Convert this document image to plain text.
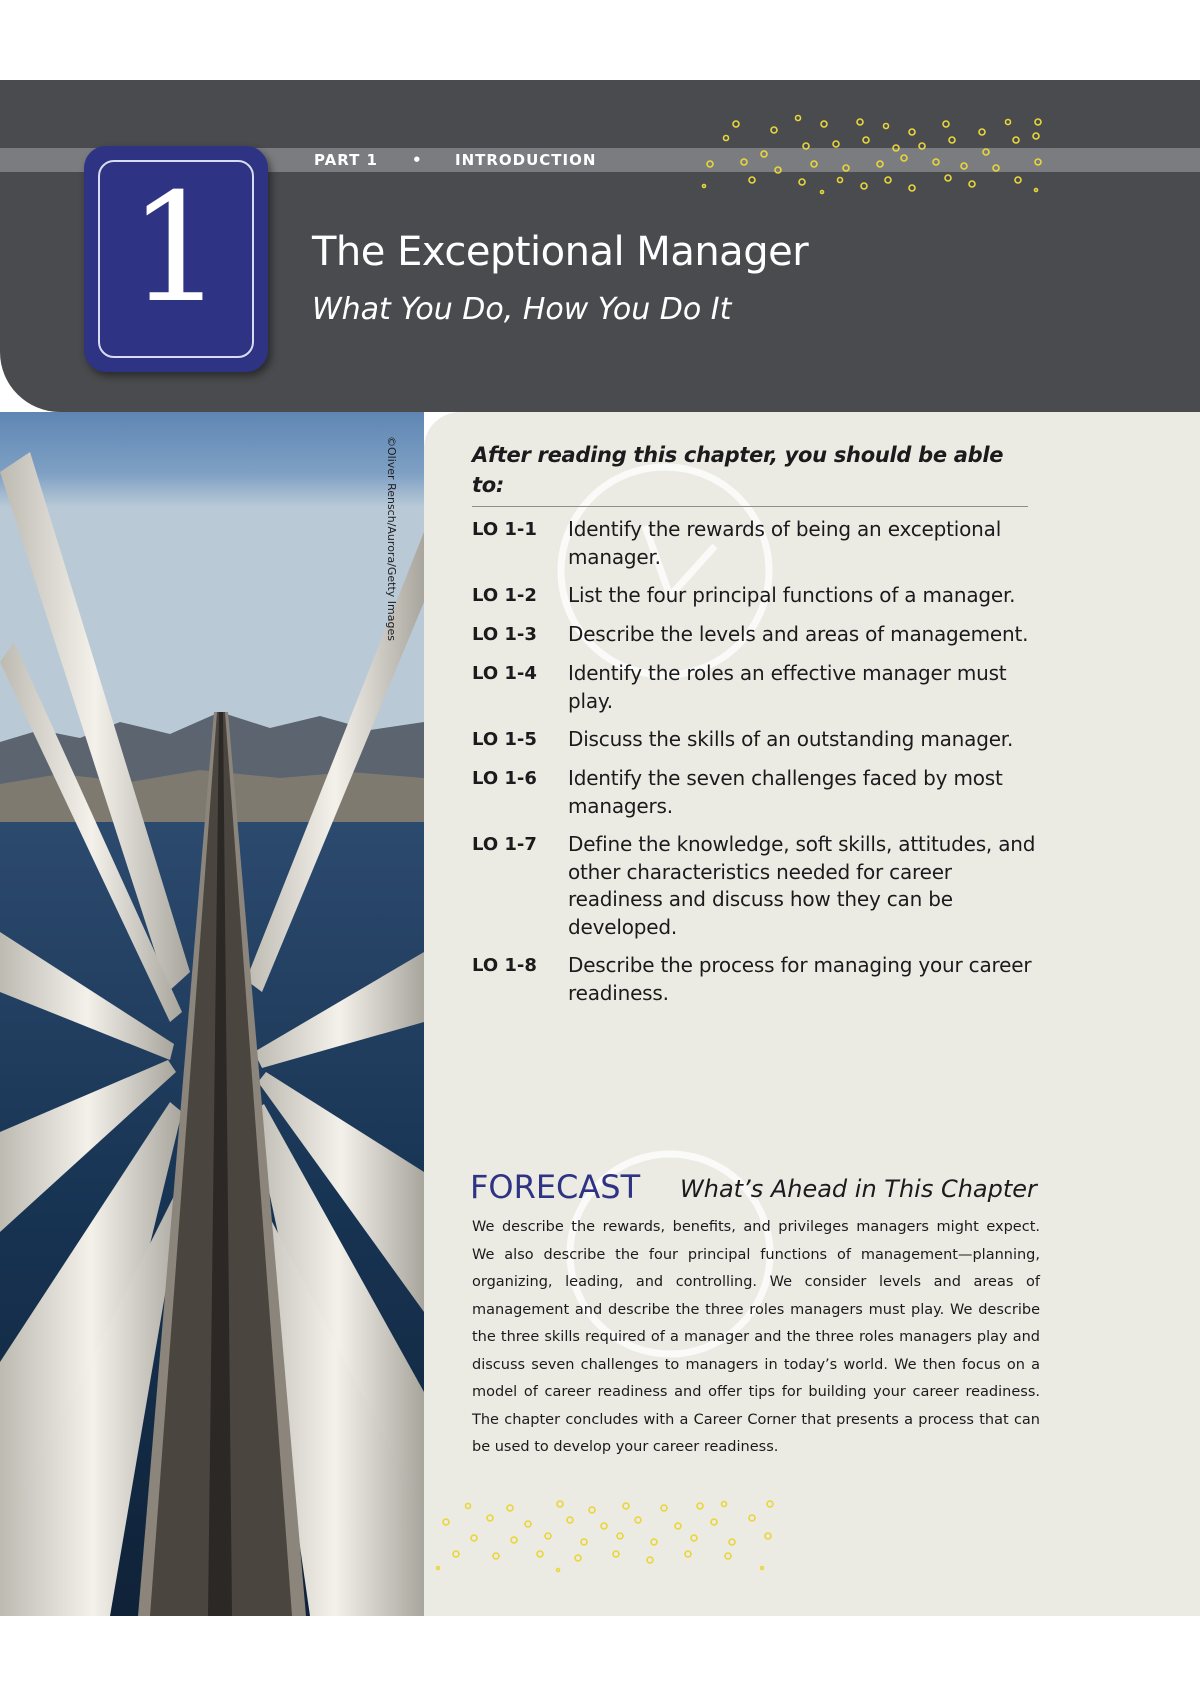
PART 1 • INTRODUCTION
1	The Exceptional Manager
What You Do, How You Do It
©Oliver Rensch/Aurora/Getty Images	After reading this chapter, you should be able to:
LO 1-1	Identify the rewards of being an exceptional manager.
LO 1-2	List the four principal functions of a manager.
LO 1-3	Describe the levels and areas of management.
LO 1-4	Identify the roles an effective manager must play.
LO 1-5	Discuss the skills of an outstanding manager.
LO 1-6	Identify the seven challenges faced by most managers.
LO 1-7	Define the knowledge, soft skills, attitudes, and other characteristics needed for career readiness and discuss how they can be developed.
LO 1-8	Describe the process for managing your career readiness.
FORECAST What’s Ahead in This Chapter
We describe the rewards, benefits, and privileges managers might expect. We also describe the four principal functions of management—planning, organizing, leading, and controlling. We consider levels and areas of management and describe the three roles managers must play. We describe the three skills required of a manager and the three roles managers play and discuss seven challenges to managers in today’s world. We then focus on a model of career readiness and offer tips for building your career readiness. The chapter concludes with a Career Corner that presents a process that can be used to develop your career readiness.
